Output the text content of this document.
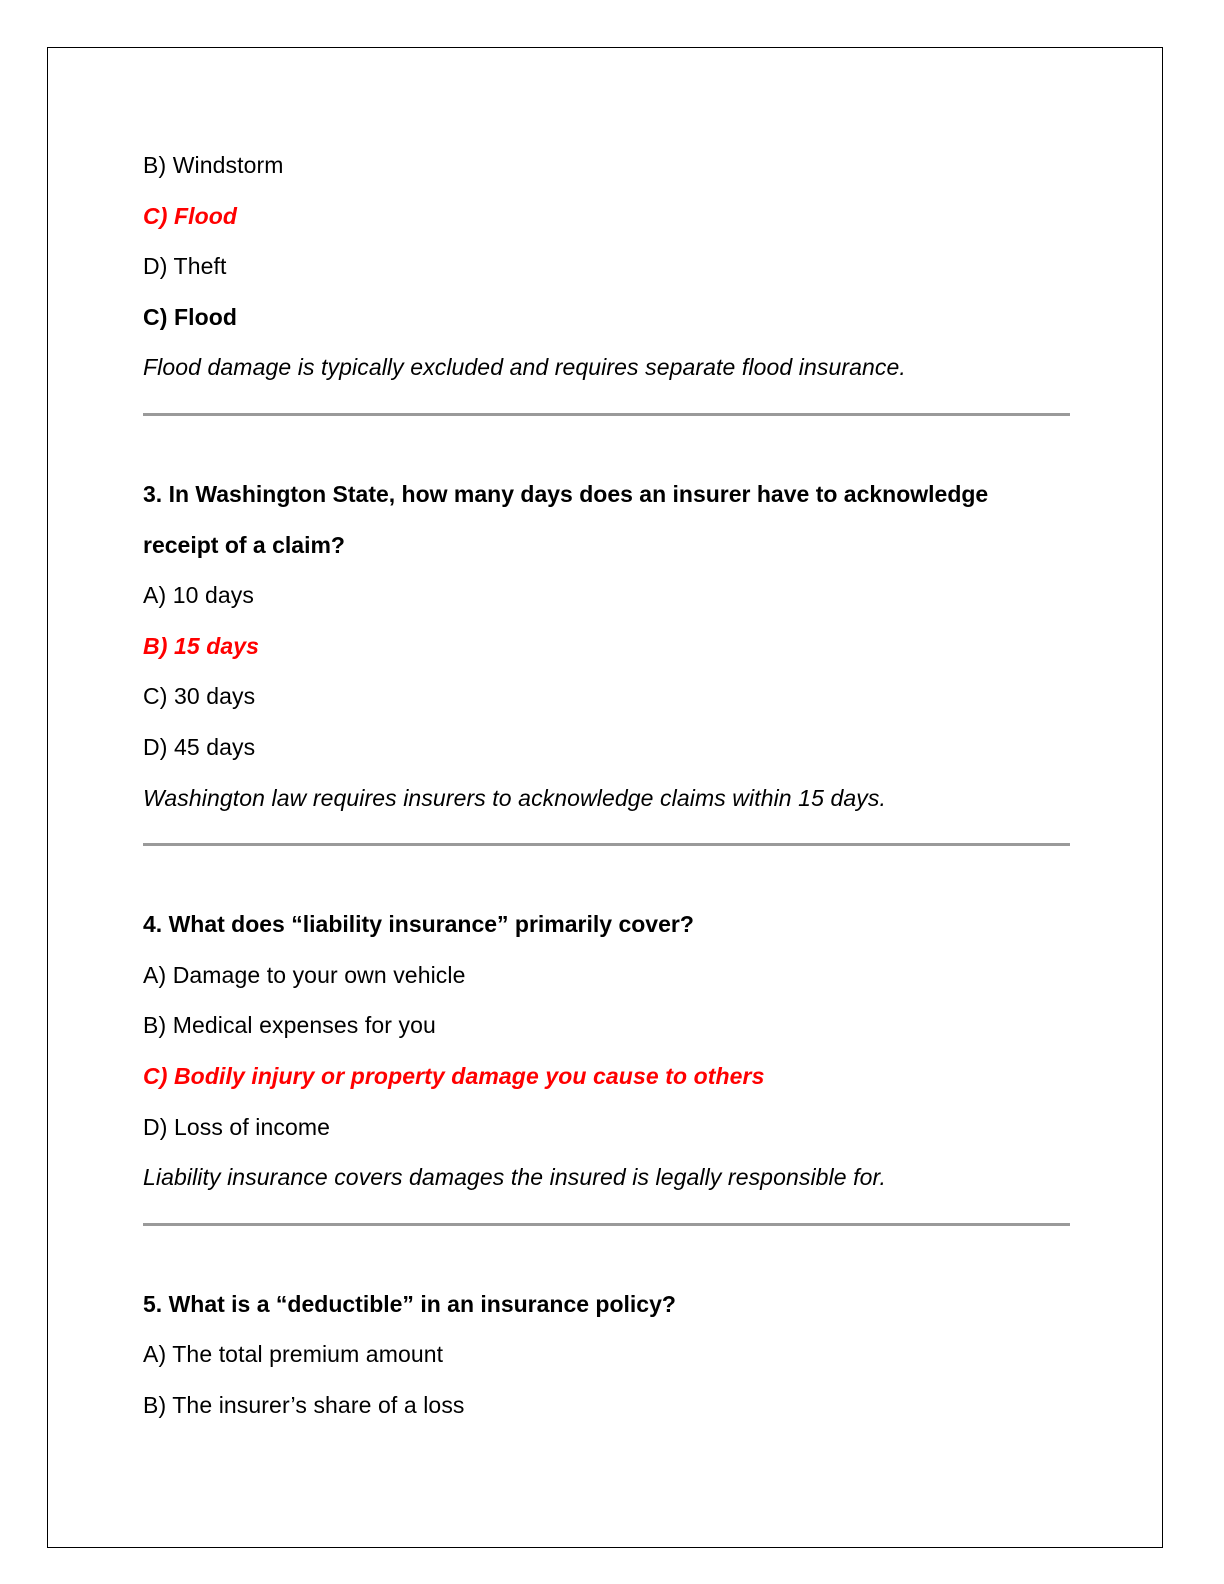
B) Windstorm
C) Flood
D) Theft
C) Flood
Flood damage is typically excluded and requires separate flood insurance.
3. In Washington State, how many days does an insurer have to acknowledge
receipt of a claim?
A) 10 days
B) 15 days
C) 30 days
D) 45 days
Washington law requires insurers to acknowledge claims within 15 days.
4. What does “liability insurance” primarily cover?
A) Damage to your own vehicle
B) Medical expenses for you
C) Bodily injury or property damage you cause to others
D) Loss of income
Liability insurance covers damages the insured is legally responsible for.
5. What is a “deductible” in an insurance policy?
A) The total premium amount
B) The insurer’s share of a loss
